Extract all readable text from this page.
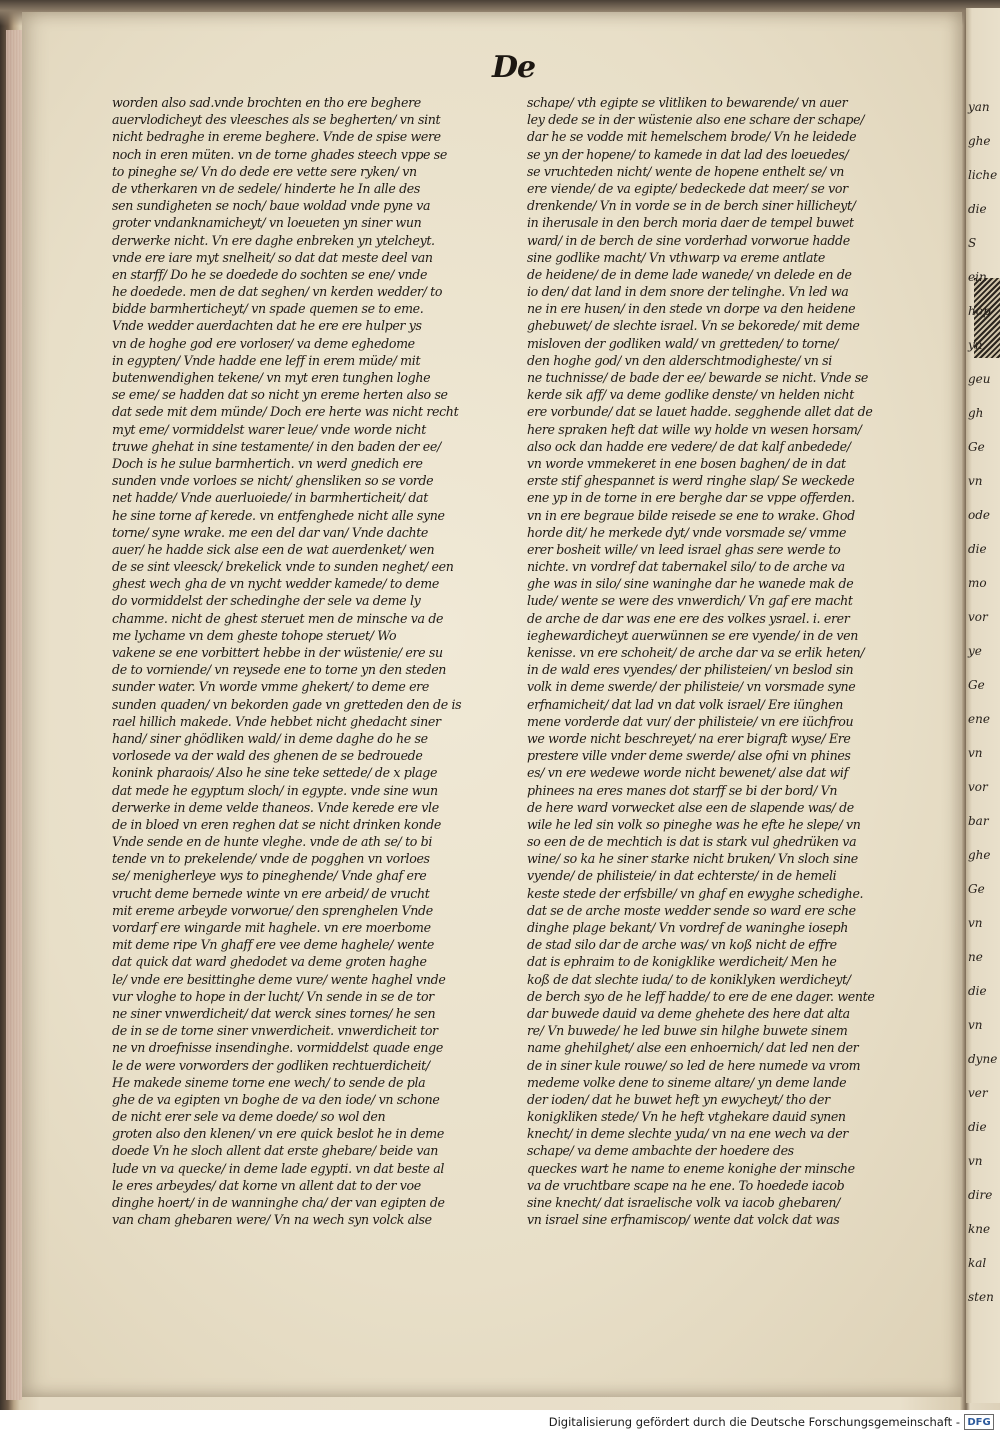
De
worden also sad.vnde brochten en tho ere beghere
auervlodicheyt des vleesches als se begherten/ vn sint
nicht bedraghe in ereme beghere. Vnde de spise were
noch in eren müten. vn de torne ghades steech vppe se
to pineghe se/ Vn do dede ere vette sere ryken/ vn
de vtherkaren vn de sedele/ hinderte he In alle des
sen sundigheten se noch/ baue woldad vnde pyne va
groter vndanknamicheyt/ vn loeueten yn siner wun
derwerke nicht. Vn ere daghe enbreken yn ytelcheyt.
vnde ere iare myt snelheit/ so dat dat meste deel van
en starff/ Do he se doedede do sochten se ene/ vnde
he doedede. men de dat seghen/ vn kerden wedder/ to
bidde barmherticheyt/ vn spade quemen se to eme.
Vnde wedder auerdachten dat he ere ere hulper ys
vn de hoghe god ere vorloser/ va deme eghedome
in egypten/ Vnde hadde ene leff in erem müde/ mit
butenwendighen tekene/ vn myt eren tunghen loghe
se eme/ se hadden dat so nicht yn ereme herten also se
dat sede mit dem münde/ Doch ere herte was nicht recht
myt eme/ vormiddelst warer leue/ vnde worde nicht
truwe ghehat in sine testamente/ in den baden der ee/
Doch is he sulue barmhertich. vn werd gnedich ere
sunden vnde vorloes se nicht/ ghensliken so se vorde
net hadde/ Vnde auerluoiede/ in barmherticheit/ dat
he sine torne af kerede. vn entfenghede nicht alle syne
torne/ syne wrake. me een del dar van/ Vnde dachte
auer/ he hadde sick alse een de wat auerdenket/ wen
de se sint vleesck/ brekelick vnde to sunden neghet/ een
ghest wech gha de vn nycht wedder kamede/ to deme
do vormiddelst der schedinghe der sele va deme ly
chamme. nicht de ghest steruet men de minsche va de
me lychame vn dem gheste tohope steruet/ Wo
vakene se ene vorbittert hebbe in der wüstenie/ ere su
de to vorniende/ vn reysede ene to torne yn den steden
sunder water. Vn worde vmme ghekert/ to deme ere
sunden quaden/ vn bekorden gade vn gretteden den de is
rael hillich makede. Vnde hebbet nicht ghedacht siner
hand/ siner ghödliken wald/ in deme daghe do he se
vorlosede va der wald des ghenen de se bedrouede
konink pharaois/ Also he sine teke settede/ de x plage
dat mede he egyptum sloch/ in egypte. vnde sine wun
derwerke in deme velde thaneos. Vnde kerede ere vle
de in bloed vn eren reghen dat se nicht drinken konde
Vnde sende en de hunte vleghe. vnde de ath se/ to bi
tende vn to prekelende/ vnde de pogghen vn vorloes
se/ menigherleye wys to pineghende/ Vnde ghaf ere
vrucht deme bernede winte vn ere arbeid/ de vrucht
mit ereme arbeyde vorworue/ den sprenghelen Vnde
vordarf ere wingarde mit haghele. vn ere moerbome
mit deme ripe Vn ghaff ere vee deme haghele/ wente
dat quick dat ward ghedodet va deme groten haghe
le/ vnde ere besittinghe deme vure/ wente haghel vnde
vur vloghe to hope in der lucht/ Vn sende in se de tor
ne siner vnwerdicheit/ dat werck sines tornes/ he sen
de in se de torne siner vnwerdicheit. vnwerdicheit tor
ne vn droefnisse insendinghe. vormiddelst quade enge
le de were vorworders der godliken rechtuerdicheit/
He makede sineme torne ene wech/ to sende de pla
ghe de va egipten vn boghe de va den iode/ vn schone
de nicht erer sele va deme doede/ so wol den
groten also den klenen/ vn ere quick beslot he in deme
doede Vn he sloch allent dat erste ghebare/ beide van
lude vn va quecke/ in deme lade egypti. vn dat beste al
le eres arbeydes/ dat korne vn allent dat to der voe
dinghe hoert/ in de wanninghe cha/ der van egipten de
van cham ghebaren were/ Vn na wech syn volck alse
schape/ vth egipte se vlitliken to bewarende/ vn auer
ley dede se in der wüstenie also ene schare der schape/
dar he se vodde mit hemelschem brode/ Vn he leidede
se yn der hopene/ to kamede in dat lad des loeuedes/
se vruchteden nicht/ wente de hopene enthelt se/ vn
ere viende/ de va egipte/ bedeckede dat meer/ se vor
drenkende/ Vn in vorde se in de berch siner hillicheyt/
in iherusale in den berch moria daer de tempel buwet
ward/ in de berch de sine vorderhad vorworue hadde
sine godlike macht/ Vn vthwarp va ereme antlate
de heidene/ de in deme lade wanede/ vn delede en de
io den/ dat land in dem snore der telinghe. Vn led wa
ne in ere husen/ in den stede vn dorpe va den heidene
ghebuwet/ de slechte israel. Vn se bekorede/ mit deme
misloven der godliken wald/ vn gretteden/ to torne/
den hoghe god/ vn den alderschtmodigheste/ vn si
ne tuchnisse/ de bade der ee/ bewarde se nicht. Vnde se
kerde sik aff/ va deme godlike denste/ vn helden nicht
ere vorbunde/ dat se lauet hadde. segghende allet dat de
here spraken heft dat wille wy holde vn wesen horsam/
also ock dan hadde ere vedere/ de dat kalf anbedede/
vn worde vmmekeret in ene bosen baghen/ de in dat
erste stif ghespannet is werd ringhe slap/ Se weckede
ene yp in de torne in ere berghe dar se vppe offerden.
vn in ere begraue bilde reisede se ene to wrake. Ghod
horde dit/ he merkede dyt/ vnde vorsmade se/ vmme
erer bosheit wille/ vn leed israel ghas sere werde to
nichte. vn vordref dat tabernakel silo/ to de arche va
ghe was in silo/ sine waninghe dar he wanede mak de
lude/ wente se were des vnwerdich/ Vn gaf ere macht
de arche de dar was ene ere des volkes ysrael. i. erer
ieghewardicheyt auerwünnen se ere vyende/ in de ven
kenisse. vn ere schoheit/ de arche dar va se erlik heten/
in de wald eres vyendes/ der philisteien/ vn beslod sin
volk in deme swerde/ der philisteie/ vn vorsmade syne
erfnamicheit/ dat lad vn dat volk israel/ Ere iünghen
mene vorderde dat vur/ der philisteie/ vn ere iüchfrou
we worde nicht beschreyet/ na erer bigraft wyse/ Ere
prestere ville vnder deme swerde/ alse ofni vn phines
es/ vn ere wedewe worde nicht bewenet/ alse dat wif
phinees na eres manes dot starff se bi der bord/ Vn
de here ward vorwecket alse een de slapende was/ de
wile he led sin volk so pineghe was he efte he slepe/ vn
so een de de mechtich is dat is stark vul ghedrüken va
wine/ so ka he siner starke nicht bruken/ Vn sloch sine
vyende/ de philisteie/ in dat echterste/ in de hemeli
keste stede der erfsbille/ vn ghaf en ewyghe schedighe.
dat se de arche moste wedder sende so ward ere sche
dinghe plage bekant/ Vn vordref de waninghe ioseph
de stad silo dar de arche was/ vn koß nicht de effre
dat is ephraim to de konigklike werdicheit/ Men he
koß de dat slechte iuda/ to de koniklyken werdicheyt/
de berch syo de he leff hadde/ to ere de ene dager. wente
dar buwede dauid va deme ghehete des here dat alta
re/ Vn buwede/ he led buwe sin hilghe buwete sinem
name ghehilghet/ alse een enhoernich/ dat led nen der
de in siner kule rouwe/ so led de here numede va vrom
medeme volke dene to sineme altare/ yn deme lande
der ioden/ dat he buwet heft yn ewycheyt/ tho der
konigkliken stede/ Vn he heft vtghekare dauid synen
knecht/ in deme slechte yuda/ vn na ene wech va der
schape/ va deme ambachte der hoedere des
queckes wart he name to eneme konighe der minsche
va de vruchtbare scape na he ene. To hoedede iacob
sine knecht/ dat israelische volk va iacob ghebaren/
vn israel sine erfnamiscop/ wente dat volck dat was
yan
ghe
liche
die
S
ein
hop
yn
geu
gh
Ge
vn
ode
die
mo
vor
ye
Ge
ene
vn
vor
bar
ghe
Ge
vn
ne
die
vn
dyne
ver
die
vn
dire
kne
kal
sten
Digitalisierung gefördert durch die Deutsche Forschungsgemeinschaft - DFG
